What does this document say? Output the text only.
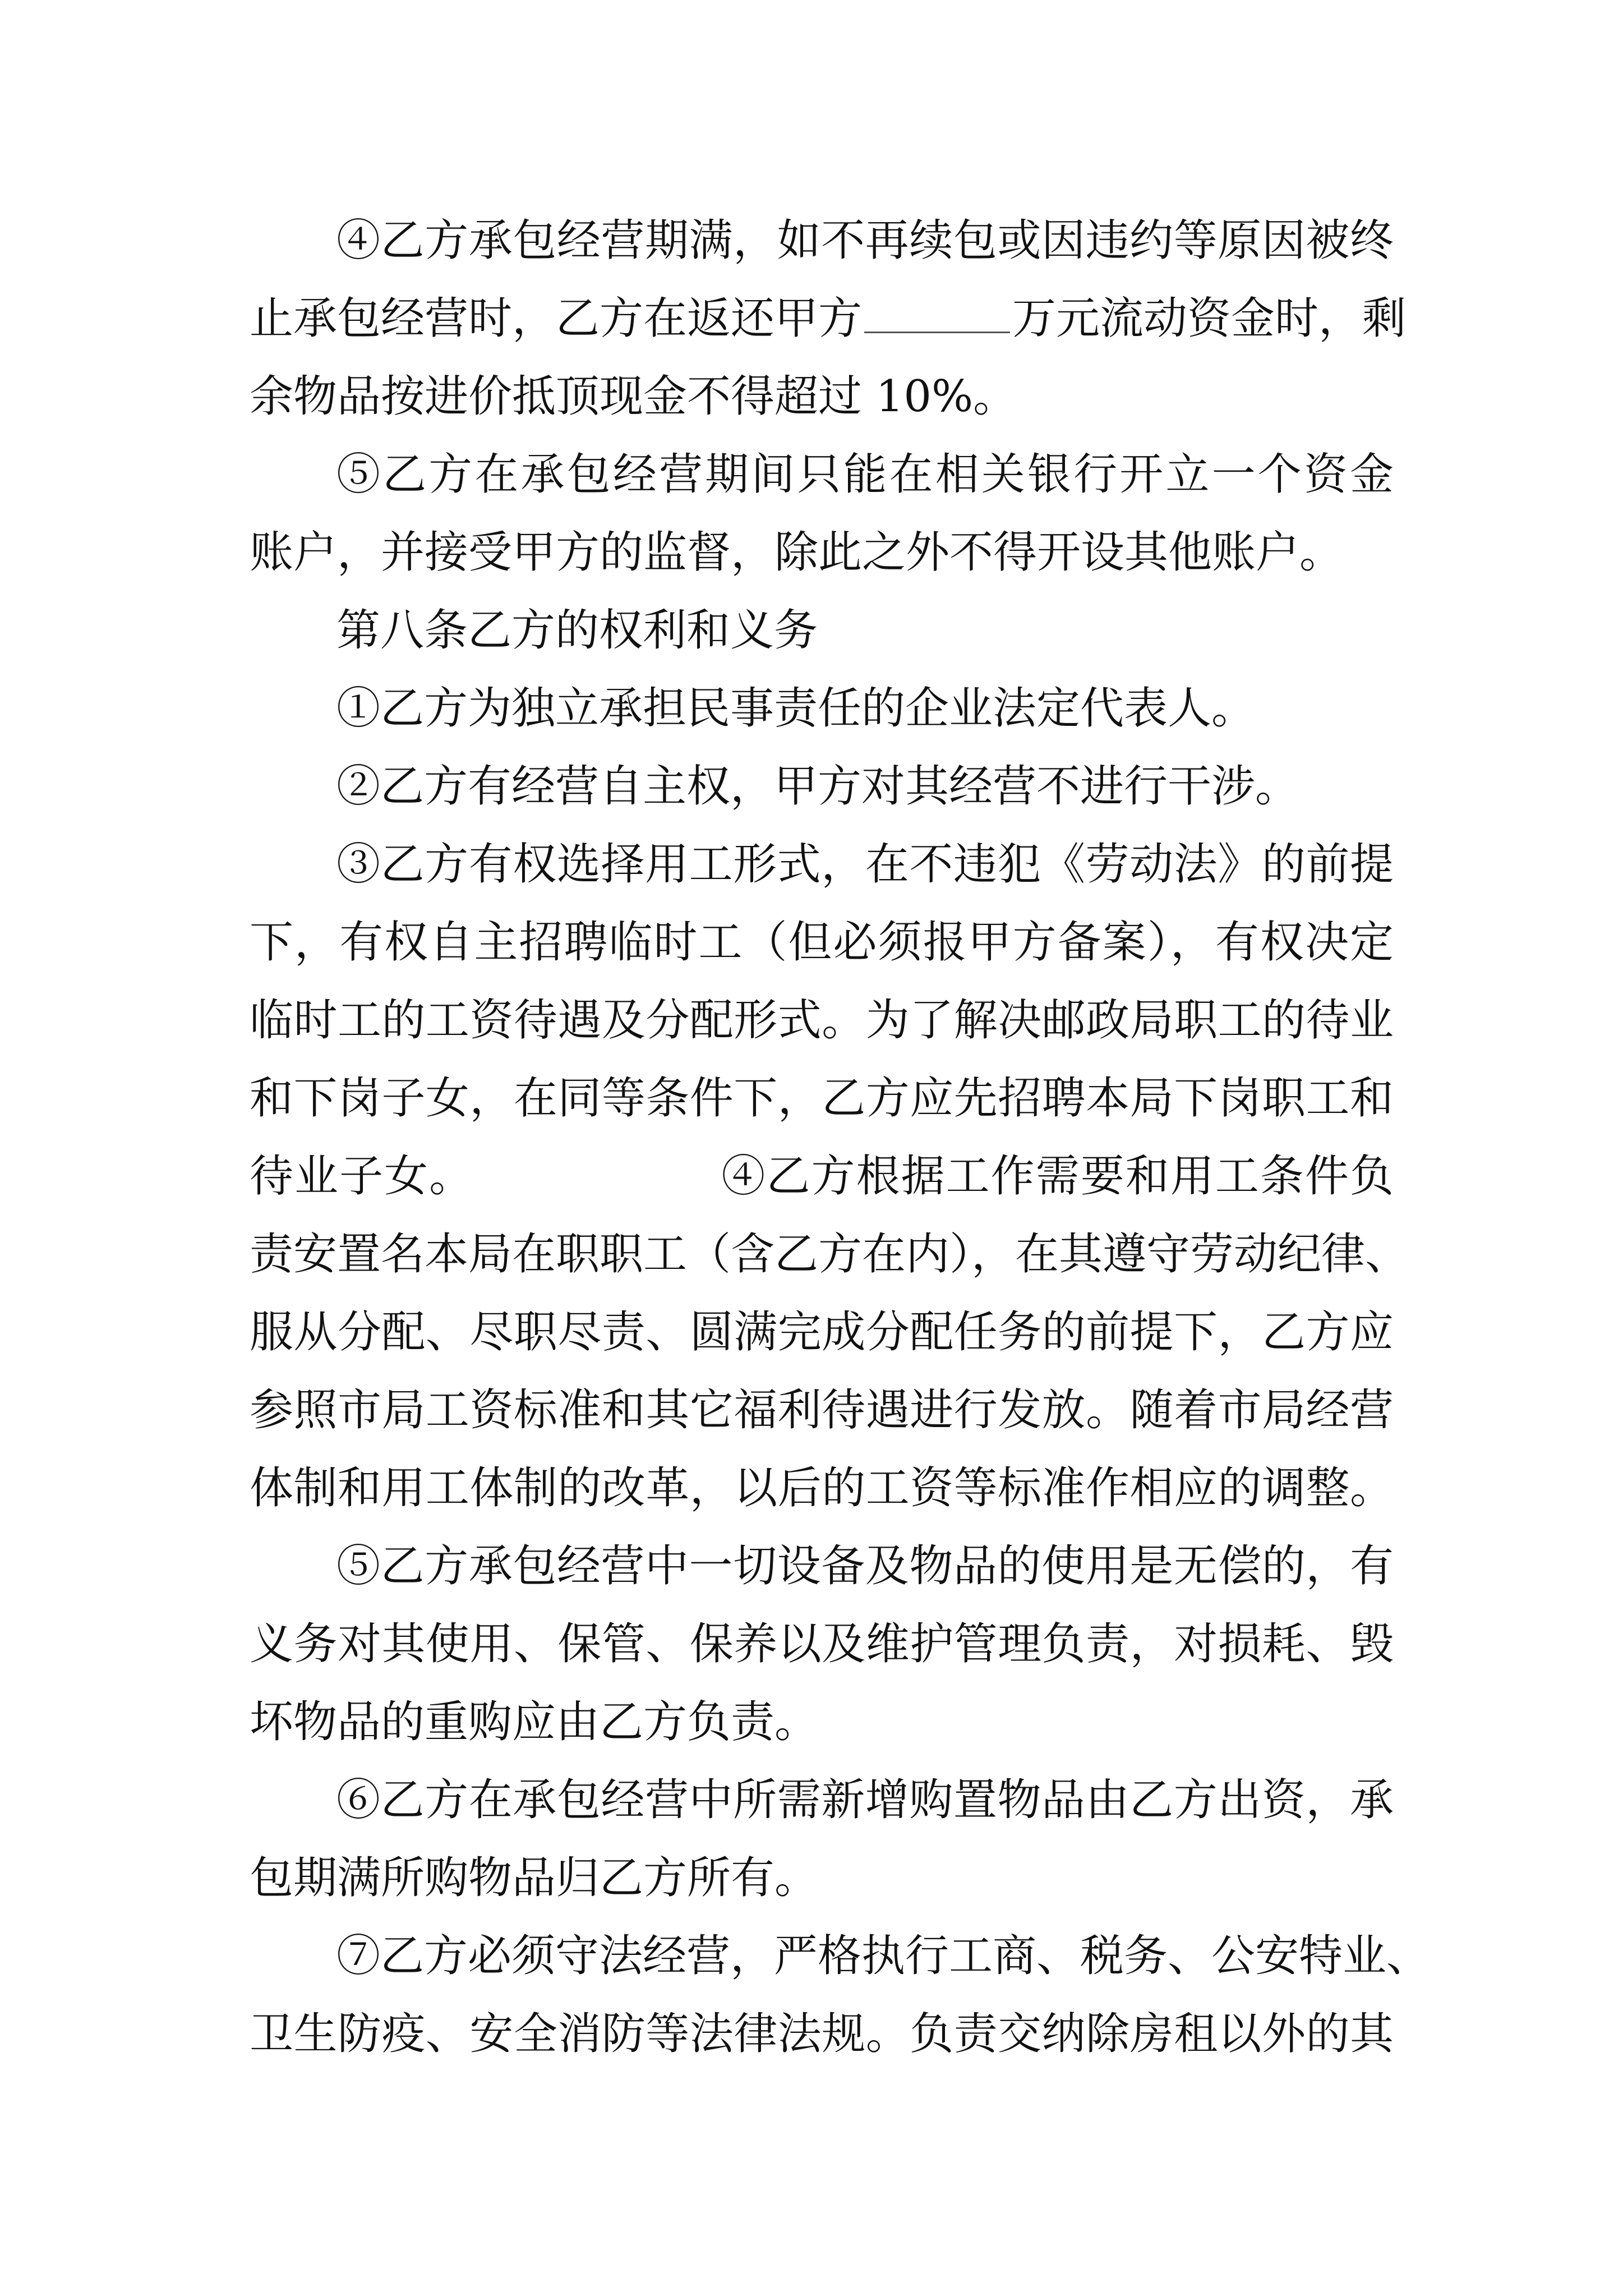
④乙方承包经营期满，如不再续包或因违约等原因被终
止承包经营时，乙方在返还甲方	万元流动资金时，剩
余物品按进价抵顶现金不得超过 10%。
⑤乙方在承包经营期间只能在相关银行开立一个资金
账户，并接受甲方的监督，除此之外不得开设其他账户。
第八条乙方的权利和义务
①乙方为独立承担民事责任的企业法定代表人。
②乙方有经营自主权，甲方对其经营不进行干涉。
③乙方有权选择用工形式，在不违犯《劳动法》的前提
下，有权自主招聘临时工（但必须报甲方备案），有权决定
临时工的工资待遇及分配形式。为了解决邮政局职工的待业
和下岗子女，在同等条件下，乙方应先招聘本局下岗职工和
待业子女。　　　　　　④乙方根据工作需要和用工条件负
责安置名本局在职职工（含乙方在内），在其遵守劳动纪律、
服从分配、尽职尽责、圆满完成分配任务的前提下，乙方应
参照市局工资标准和其它福利待遇进行发放。随着市局经营
体制和用工体制的改革，以后的工资等标准作相应的调整。
⑤乙方承包经营中一切设备及物品的使用是无偿的，有
义务对其使用、保管、保养以及维护管理负责，对损耗、毁
坏物品的重购应由乙方负责。
⑥乙方在承包经营中所需新增购置物品由乙方出资，承
包期满所购物品归乙方所有。
⑦乙方必须守法经营，严格执行工商、税务、公安特业、
卫生防疫、安全消防等法律法规。负责交纳除房租以外的其
